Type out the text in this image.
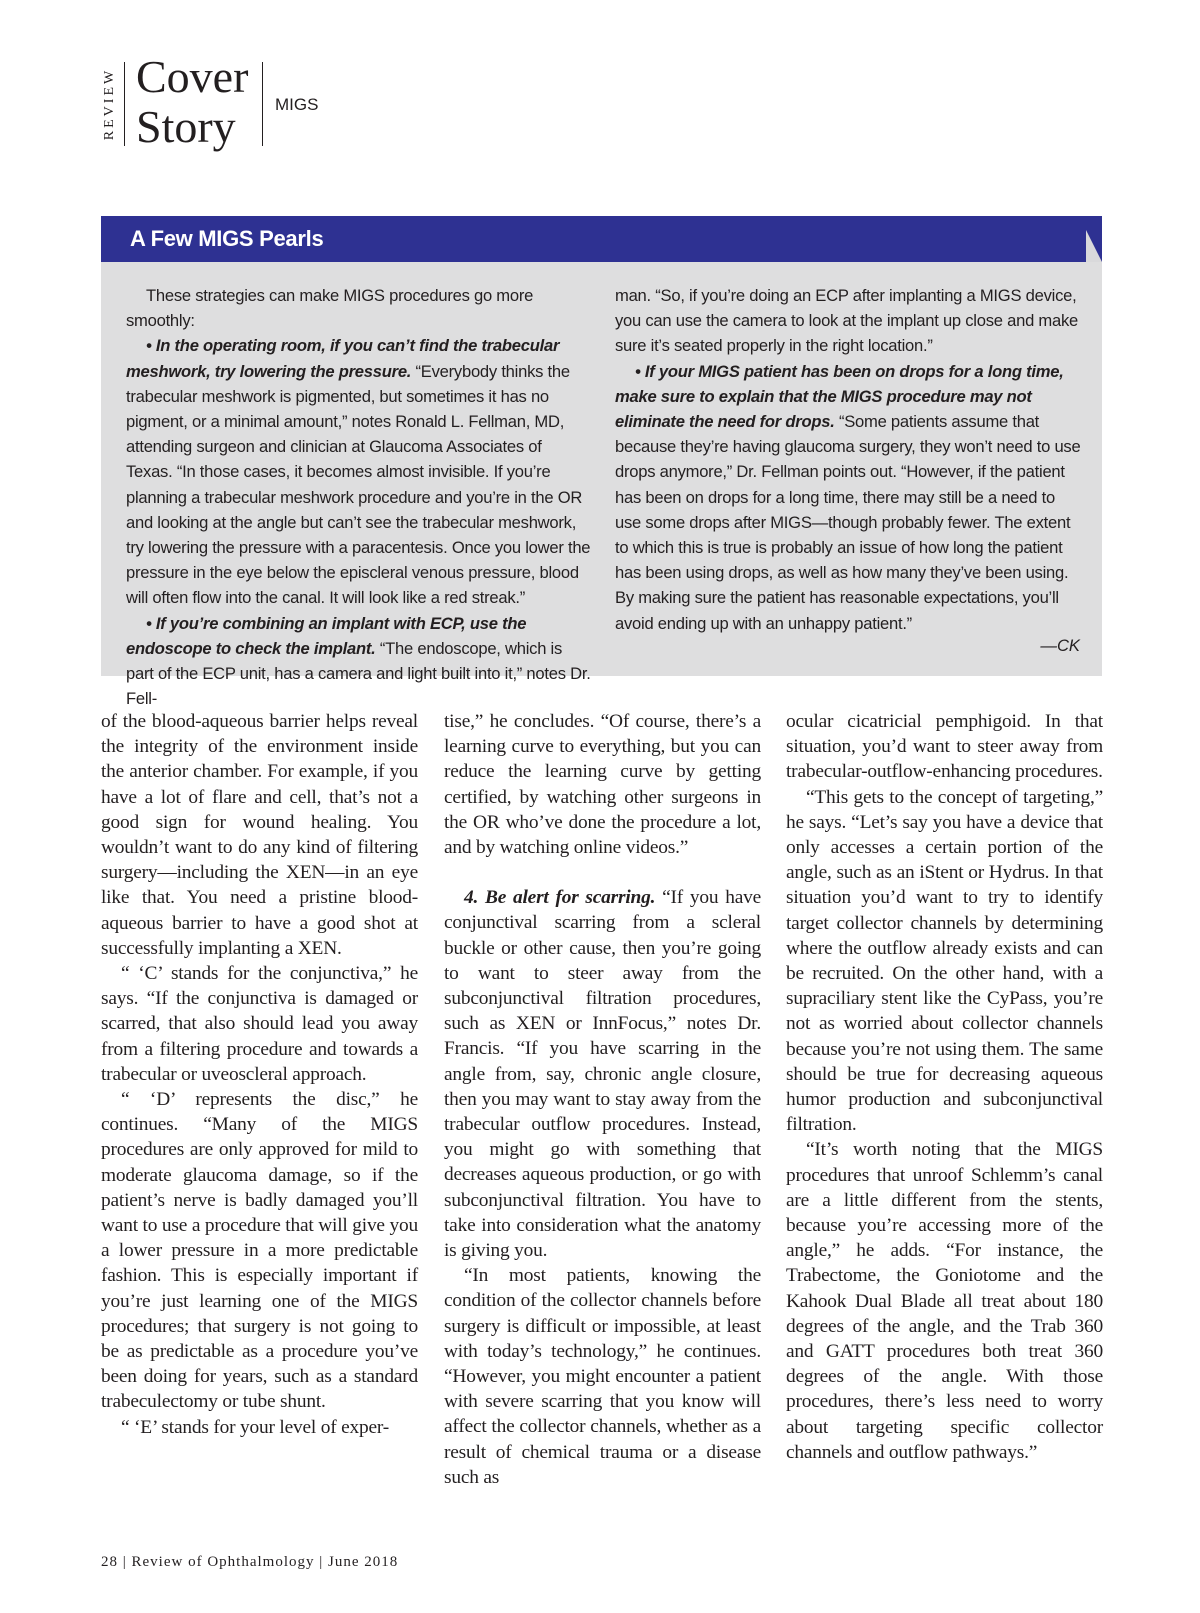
REVIEW Cover
Story	MIGS
A Few MIGS Pearls

These strategies can make MIGS procedures go more smoothly:

• In the operating room, if you can’t find the trabecular meshwork, try lowering the pressure. “Everybody thinks the trabecular meshwork is pigmented, but sometimes it has no pigment, or a minimal amount,” notes Ronald L. Fellman, MD, attending surgeon and clinician at Glaucoma Associates of Texas. “In those cases, it becomes almost invisible. If you’re planning a trabecular meshwork procedure and you’re in the OR and looking at the angle but can’t see the trabecular meshwork, try lowering the pressure with a paracentesis. Once you lower the pressure in the eye below the episcleral venous pressure, blood will often flow into the canal. It will look like a red streak.”

• If you’re combining an implant with ECP, use the endoscope to check the implant. “The endoscope, which is part of the ECP unit, has a camera and light built into it,” notes Dr. Fell-

man. “So, if you’re doing an ECP after implanting a MIGS device, you can use the camera to look at the implant up close and make sure it’s seated properly in the right location.”

• If your MIGS patient has been on drops for a long time, make sure to explain that the MIGS procedure may not eliminate the need for drops. “Some patients assume that because they’re having glaucoma surgery, they won’t need to use drops anymore,” Dr. Fellman points out. “However, if the patient has been on drops for a long time, there may still be a need to use some drops after MIGS—though probably fewer. The extent to which this is true is probably an issue of how long the patient has been using drops, as well as how many they’ve been using. By making sure the patient has reasonable expectations, you’ll avoid ending up with an unhappy patient.”

—CK

of the blood-aqueous barrier helps reveal the integrity of the environment inside the anterior chamber. For example, if you have a lot of flare and cell, that’s not a good sign for wound healing. You wouldn’t want to do any kind of filtering surgery—including the XEN—in an eye like that. You need a pristine blood-aqueous barrier to have a good shot at successfully implanting a XEN.

“ ‘C’ stands for the conjunctiva,” he says. “If the conjunctiva is damaged or scarred, that also should lead you away from a filtering procedure and towards a trabecular or uveoscleral approach.

“ ‘D’ represents the disc,” he continues. “Many of the MIGS procedures are only approved for mild to moderate glaucoma damage, so if the patient’s nerve is badly damaged you’ll want to use a procedure that will give you a lower pressure in a more predictable fashion. This is especially important if you’re just learning one of the MIGS procedures; that surgery is not going to be as predictable as a procedure you’ve been doing for years, such as a standard trabeculectomy or tube shunt.

“ ‘E’ stands for your level of exper-

tise,” he concludes. “Of course, there’s a learning curve to everything, but you can reduce the learning curve by getting certified, by watching other surgeons in the OR who’ve done the procedure a lot, and by watching online videos.”

4. Be alert for scarring. “If you have conjunctival scarring from a scleral buckle or other cause, then you’re going to want to steer away from the subconjunctival filtration procedures, such as XEN or InnFocus,” notes Dr. Francis. “If you have scarring in the angle from, say, chronic angle closure, then you may want to stay away from the trabecular outflow procedures. Instead, you might go with something that decreases aqueous production, or go with subconjunctival filtration. You have to take into consideration what the anatomy is giving you.

“In most patients, knowing the condition of the collector channels before surgery is difficult or impossible, at least with today’s technology,” he continues. “However, you might encounter a patient with severe scarring that you know will affect the collector channels, whether as a result of chemical trauma or a disease such as

ocular cicatricial pemphigoid. In that situation, you’d want to steer away from trabecular-outflow-enhancing procedures.

“This gets to the concept of targeting,” he says. “Let’s say you have a device that only accesses a certain portion of the angle, such as an iStent or Hydrus. In that situation you’d want to try to identify target collector channels by determining where the outflow already exists and can be recruited. On the other hand, with a supraciliary stent like the CyPass, you’re not as worried about collector channels because you’re not using them. The same should be true for decreasing aqueous humor production and subconjunctival filtration.

“It’s worth noting that the MIGS procedures that unroof Schlemm’s canal are a little different from the stents, because you’re accessing more of the angle,” he adds. “For instance, the Trabectome, the Goniotome and the Kahook Dual Blade all treat about 180 degrees of the angle, and the Trab 360 and GATT procedures both treat 360 degrees of the angle. With those procedures, there’s less need to worry about targeting specific collector channels and outflow pathways.”

28 | Review of Ophthalmology | June 2018
